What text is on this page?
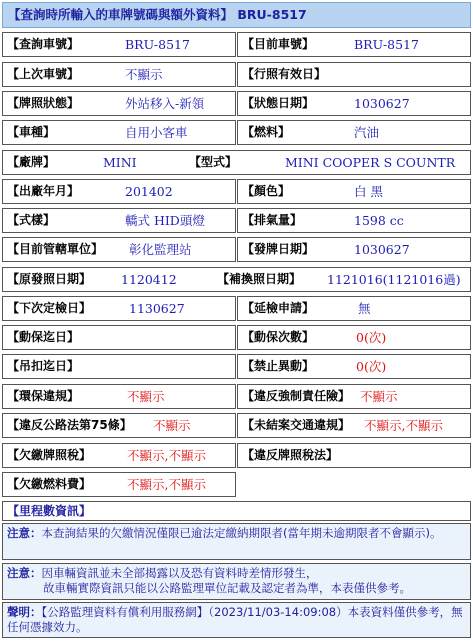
【查詢時所輸入的車牌號碼與額外資料】 BRU-8517
【查詢車號】	BRU-8517	【目前車號】	BRU-8517
【上次車號】	不顯示	【行照有效日】
【牌照狀態】	外站移入-新領	【狀態日期】	1030627
【車種】	自用小客車	【燃料】	汽油
【廠牌】	MINI	【型式】	MINI COOPER S COUNTR
【出廠年月】	201402	【顏色】	白 黑
【式樣】	轎式 HID頭燈	【排氣量】	1598 cc
【目前管轄單位】 彰化監理站	【發牌日期】	1030627
【原發照日期】 1120412	【補換照日期】 1121016(1121016過)
【下次定檢日】	1130627	【延檢申請】	無
【動保迄日】	【動保次數】	0(次)
【吊扣迄日】	【禁止異動】	0(次)
【環保違規】	不顯示	【違反強制責任險】 不顯示
【違反公路法第75條】 不顯示	【未結案交通違規】 不顯示,不顯示
【欠繳牌照稅】	不顯示,不顯示	【違反牌照稅法】
【欠繳燃料費】	不顯示,不顯示
【里程數資訊】
注意：本查詢結果的欠繳情況僅限已逾法定繳納期限者(當年期未逾期限者不會顯示)。
注意：因車輛資訊並未全部揭露以及恐有資料時差情形發生，
故車輛實際資訊只能以公路監理單位記載及認定者為準，本表僅供參考。
聲明：【公路監理資料有償利用服務網】（2023/11/03-14:09:08）本表資料僅供參考，無任何憑據效力。
